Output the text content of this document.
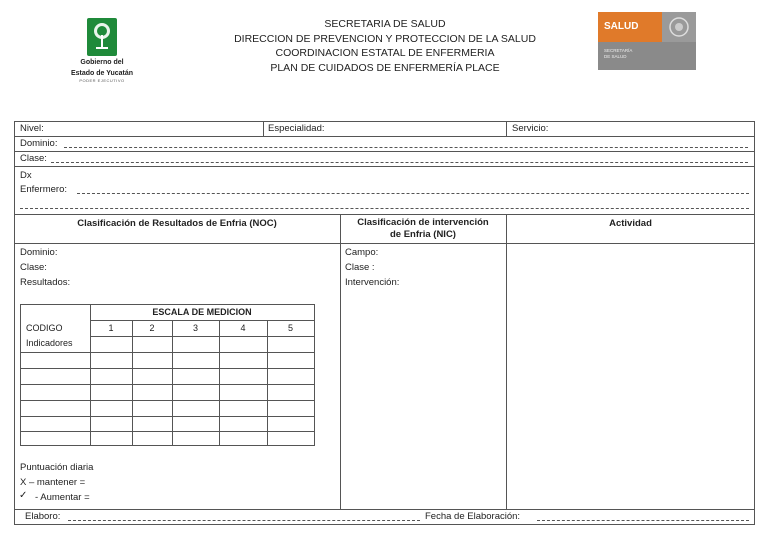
Gobierno del
Estado de Yucatán
PODER EJECUTIVO
SECRETARIA DE SALUD
DIRECCION DE PREVENCION Y PROTECCION DE LA SALUD
COORDINACION ESTATAL DE ENFERMERIA
PLAN DE CUIDADOS DE ENFERMERÍA PLACE
SALUD
SECRETARÍA
DE SALUD
Nivel:	Especialidad:	Servicio:
Dominio:
Clase:
Dx
Enfermero:
Clasificación de Resultados de Enfria (NOC)	Clasificación de intervención
de Enfria (NIC)
Actividad
Dominio:
Clase:
Resultados:
ESCALA DE MEDICION
CODIGO
Indicadores
1	2	3	4	5
Puntuación diaria
X – mantener =
✓ - Aumentar =
Campo:
Clase :
Intervención:
Elaboro:	Fecha de Elaboración:
